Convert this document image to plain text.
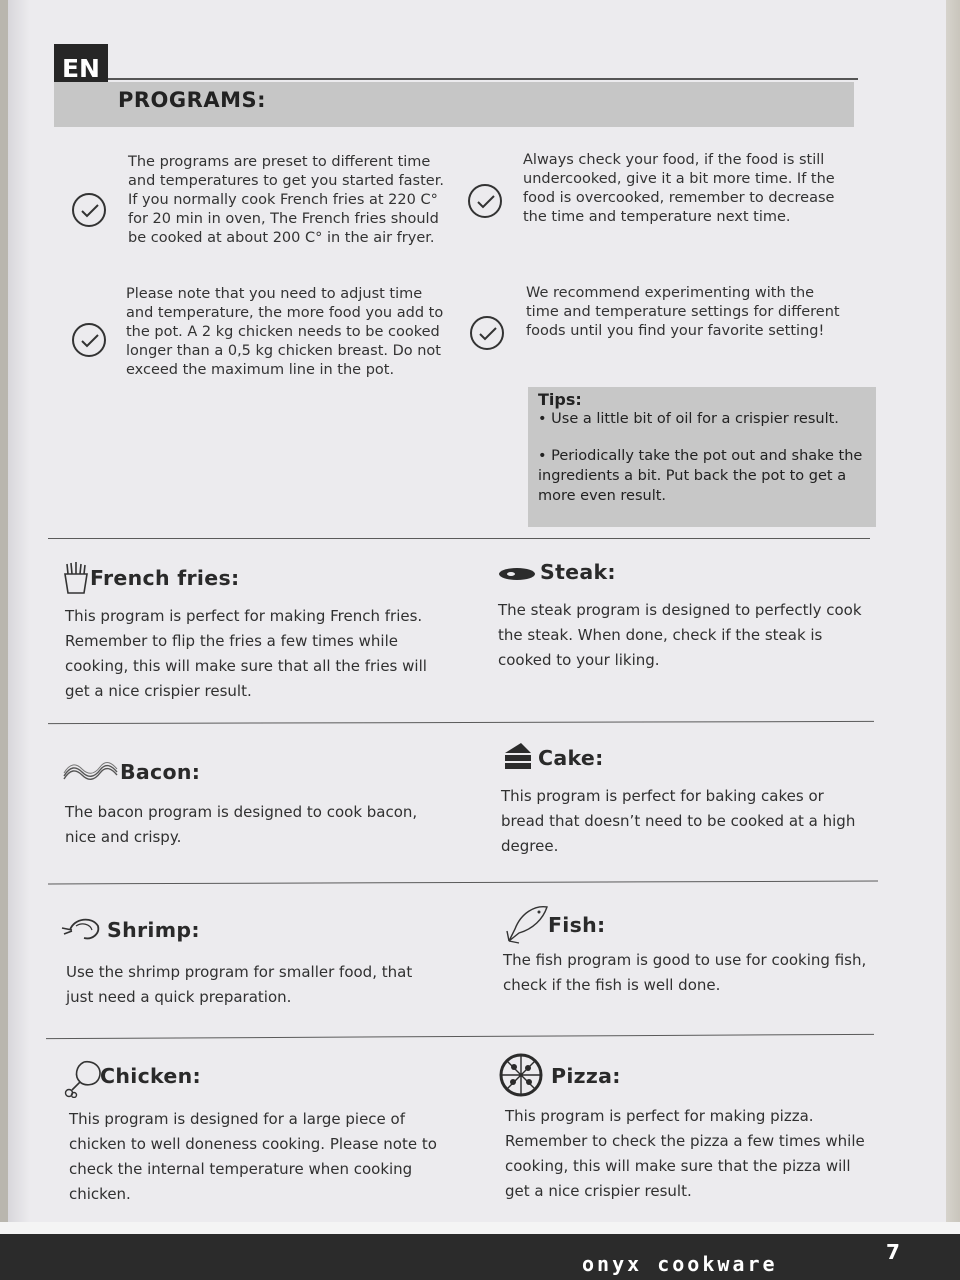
EN
PROGRAMS:
The programs are preset to different time and temperatures to get you started faster. If you normally cook French fries at 220 C° for 20 min in oven, The French fries should be cooked at about 200 C° in the air fryer.
Please note that you need to adjust time and temperature, the more food you add to the pot. A 2 kg chicken needs to be cooked longer than a 0,5 kg chicken breast. Do not exceed the maximum line in the pot.
Always check your food, if the food is still undercooked, give it a bit more time. If the food is overcooked, remember to decrease the time and temperature next time.
We recommend experimenting with the time and temperature settings for different foods until you find your favorite setting!
Tips:

• Use a little bit of oil for a crispier result.

• Periodically take the pot out and shake the ingredients a bit. Put back the pot to get a more even result.

French fries:
This program is perfect for making French fries. Remember to flip the fries a few times while cooking, this will make sure that all the fries will get a nice crispier result.
Steak:
The steak program is designed to perfectly cook the steak. When done, check if the steak is cooked to your liking.
Bacon:
The bacon program is designed to cook bacon, nice and crispy.
Cake:
This program is perfect for baking cakes or bread that doesn’t need to be cooked at a high degree.
Shrimp:
Use the shrimp program for smaller food, that just need a quick preparation.
Fish:
The fish program is good to use for cooking fish, check if the fish is well done.
Chicken:
This program is designed for a large piece of chicken to well doneness cooking. Please note to check the internal temperature when cooking chicken.
Pizza:
This program is perfect for making pizza. Remember to check the pizza a few times while cooking, this will make sure that the pizza will get a nice crispier result.
onyx cookware	7
